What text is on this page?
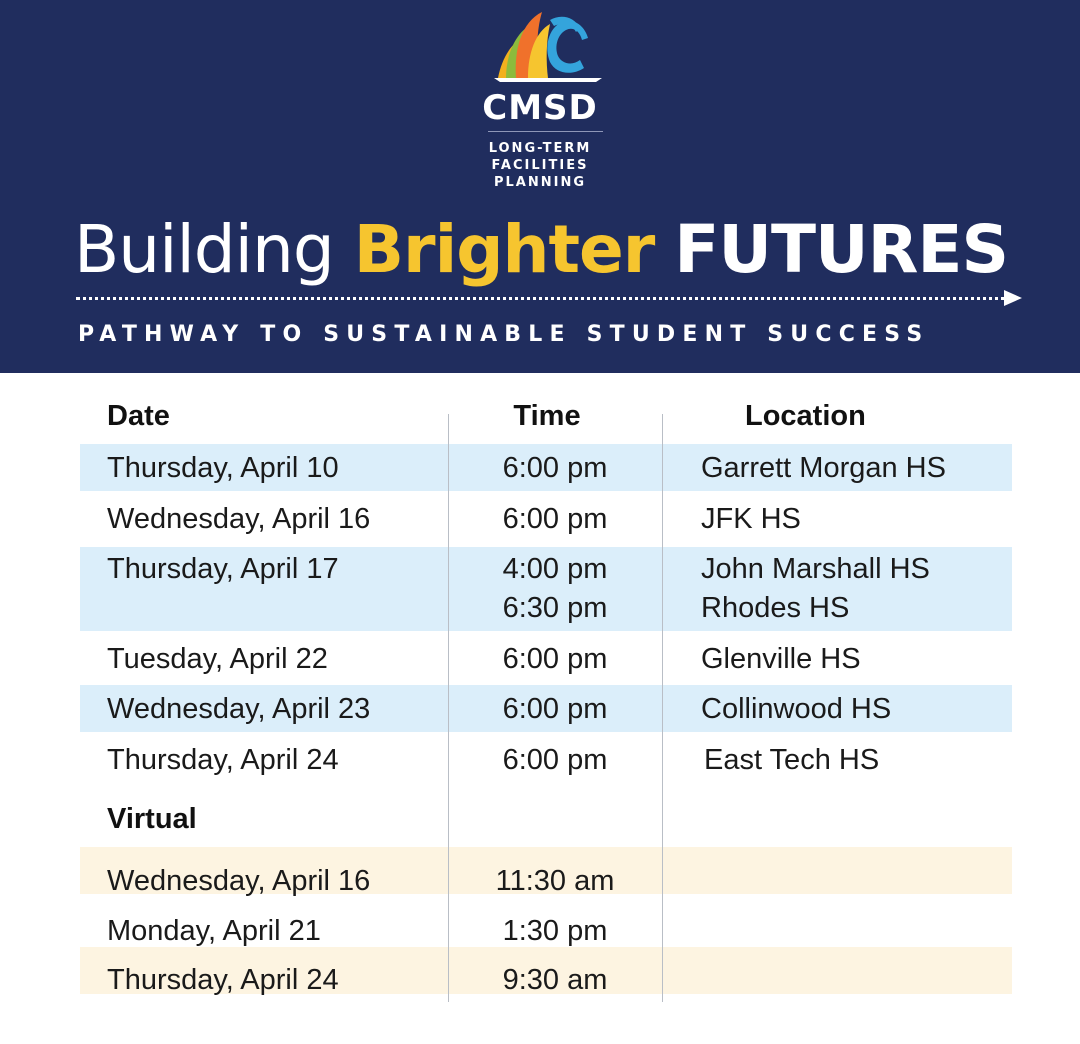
CMSD
LONG-TERM
FACILITIES
PLANNING
Building Brighter FUTURES
PATHWAY TO SUSTAINABLE STUDENT SUCCESS
Date	Time	Location
Thursday, April 10	6:00 pm	Garrett Morgan HS
Wednesday, April 16	6:00 pm	JFK HS
Thursday, April 17	4:00 pm	John Marshall HS
6:30 pm	Rhodes HS
Tuesday, April 22	6:00 pm	Glenville HS
Wednesday, April 23	6:00 pm	Collinwood HS
Thursday, April 24	6:00 pm	East Tech HS
Virtual
Wednesday, April 16	11:30 am
Monday, April 21	1:30 pm
Thursday, April 24	9:30 am
